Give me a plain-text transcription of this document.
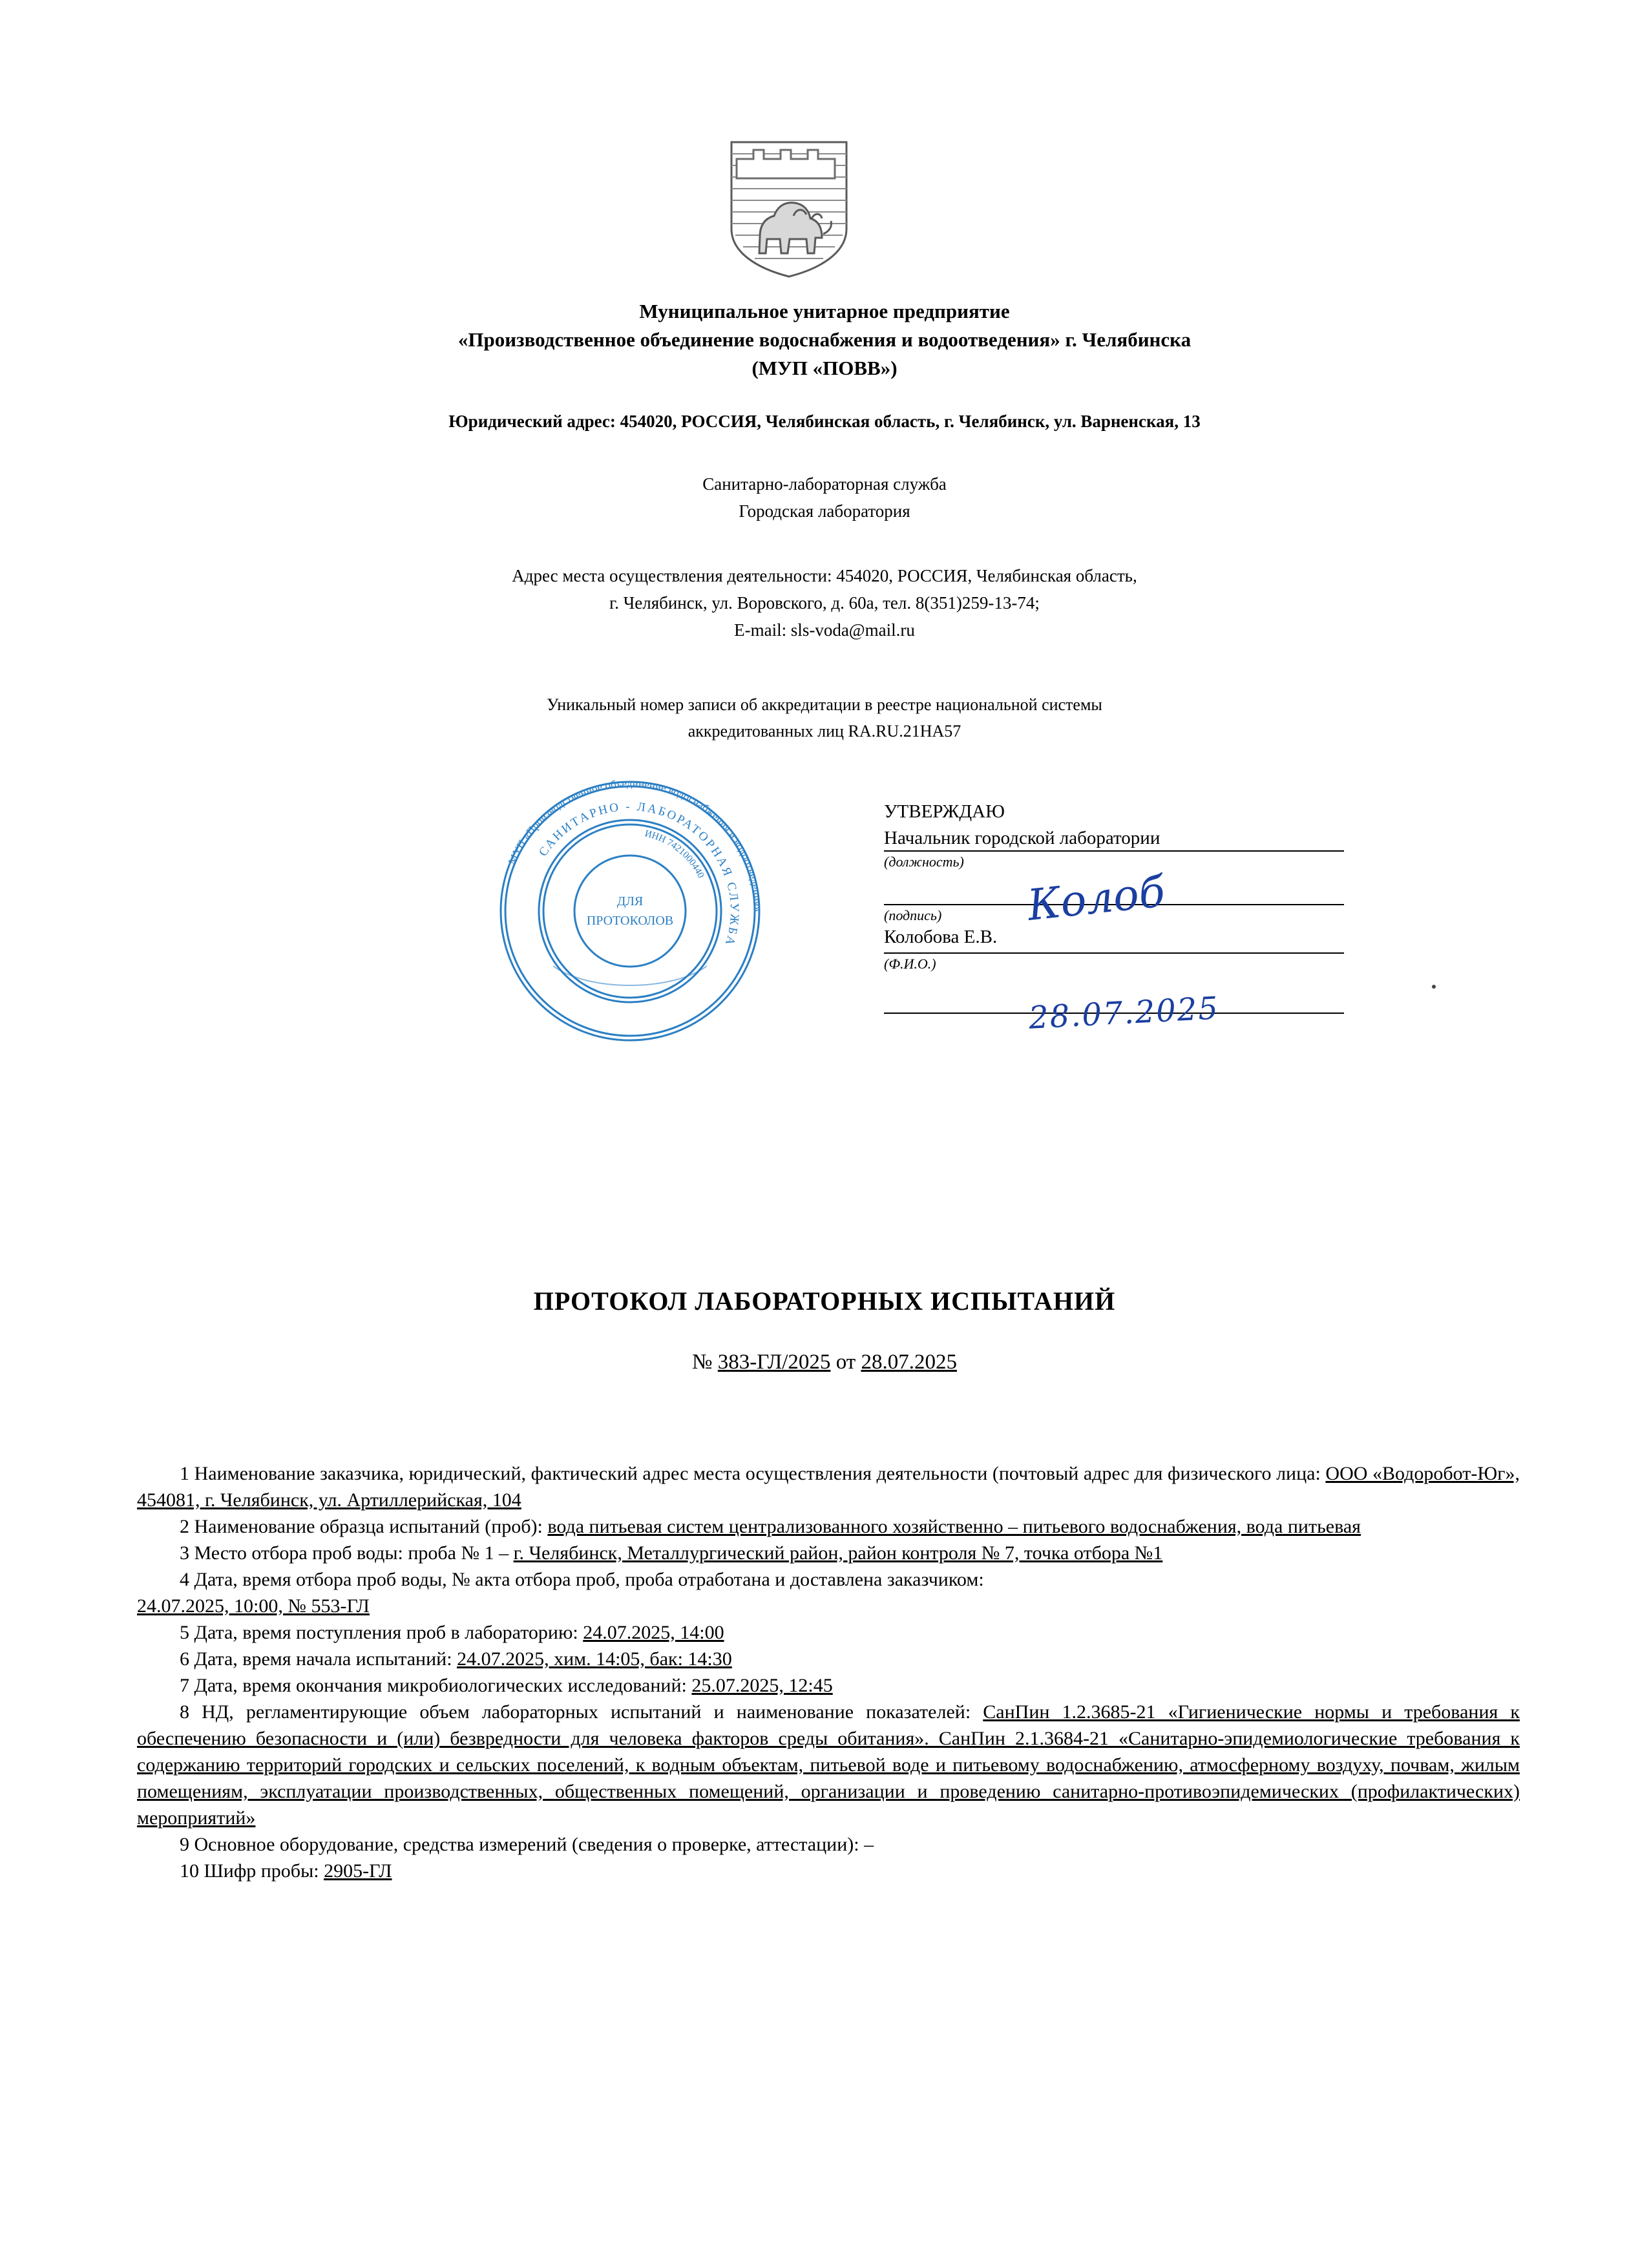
Муниципальное унитарное предприятие
«Производственное объединение водоснабжения и водоотведения» г. Челябинска
(МУП «ПОВВ»)
Юридический адрес: 454020, РОССИЯ, Челябинская область, г. Челябинск, ул. Варненская, 13
Санитарно-лабораторная служба
Городская лаборатория
Адрес места осуществления деятельности: 454020, РОССИЯ, Челябинская область,
г. Челябинск, ул. Воровского, д. 60а, тел. 8(351)259-13-74;
E-mail: sls-voda@mail.ru
Уникальный номер записи об аккредитации в реестре национальной системы
аккредитованных лиц RA.RU.21НА57
МУП «Производственное объединение водоснабжения и водоотведения»
САНИТАРНО - ЛАБОРАТОРНАЯ СЛУЖБА
ИНН 7421000440
ДЛЯ
ПРОТОКОЛОВ
УТВЕРЖДАЮ
Начальник городской лаборатории
(должность)
(подпись)
Колобова Е.В.
(Ф.И.О.)
Колоб
28.07.2025
ПРОТОКОЛ ЛАБОРАТОРНЫХ ИСПЫТАНИЙ
№ 383-ГЛ/2025 от 28.07.2025

1 Наименование заказчика, юридический, фактический адрес места осуществления деятельности (почтовый адрес для физического лица: ООО «Водоробот-Юг», 454081, г. Челябинск, ул. Артиллерийская, 104

2 Наименование образца испытаний (проб): вода питьевая систем централизованного хозяйственно – питьевого водоснабжения, вода питьевая

3 Место отбора проб воды: проба № 1 – г. Челябинск, Металлургический район, район контроля № 7, точка отбора №1

4 Дата, время отбора проб воды, № акта отбора проб, проба отработана и доставлена заказчиком:
24.07.2025, 10:00, № 553-ГЛ

5 Дата, время поступления проб в лабораторию: 24.07.2025, 14:00

6 Дата, время начала испытаний: 24.07.2025, хим. 14:05, бак: 14:30

7 Дата, время окончания микробиологических исследований: 25.07.2025, 12:45

8 НД, регламентирующие объем лабораторных испытаний и наименование показателей: СанПин 1.2.3685-21 «Гигиенические нормы и требования к обеспечению безопасности и (или) безвредности для человека факторов среды обитания». СанПин 2.1.3684-21 «Санитарно-эпидемиологические требования к содержанию территорий городских и сельских поселений, к водным объектам, питьевой воде и питьевому водоснабжению, атмосферному воздуху, почвам, жилым помещениям, эксплуатации производственных, общественных помещений, организации и проведению санитарно-противоэпидемических (профилактических) мероприятий»

9 Основное оборудование, средства измерений (сведения о проверке, аттестации): –

10 Шифр пробы: 2905-ГЛ
